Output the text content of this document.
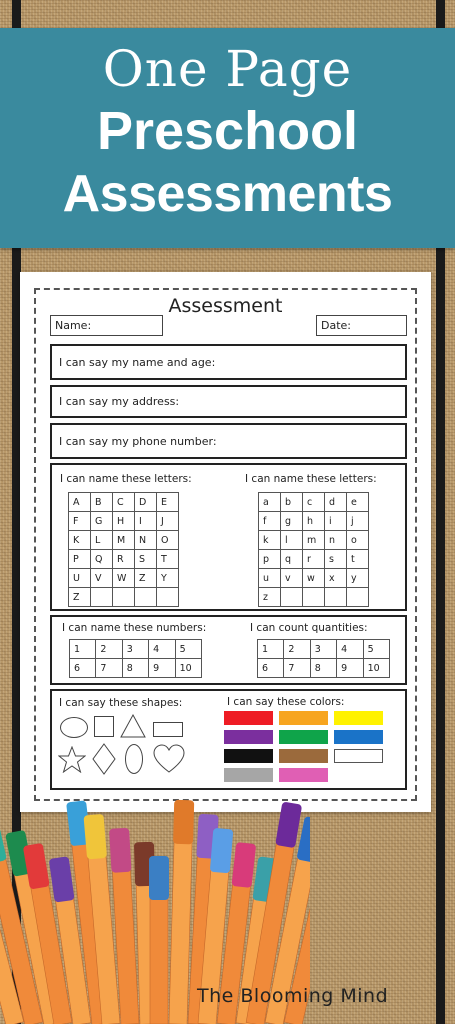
One Page
Preschool
Assessments
Assessment
Name:	Date:
I can say my name and age:
I can say my address:
I can say my phone number:
I can name these letters:	I can name these letters:
A	B	C	D	E
F	G	H	I	J
K	L	M	N	O
P	Q	R	S	T
U	V	W	Z	Y
Z				
a	b	c	d	e
f	g	h	i	j
k	l	m	n	o
p	q	r	s	t
u	v	w	x	y
z				
I can name these numbers:	I can count quantities:
1	2	3	4	5
6	7	8	9	10
1	2	3	4	5
6	7	8	9	10
I can say these shapes:	I can say these colors:
The Blooming Mind
